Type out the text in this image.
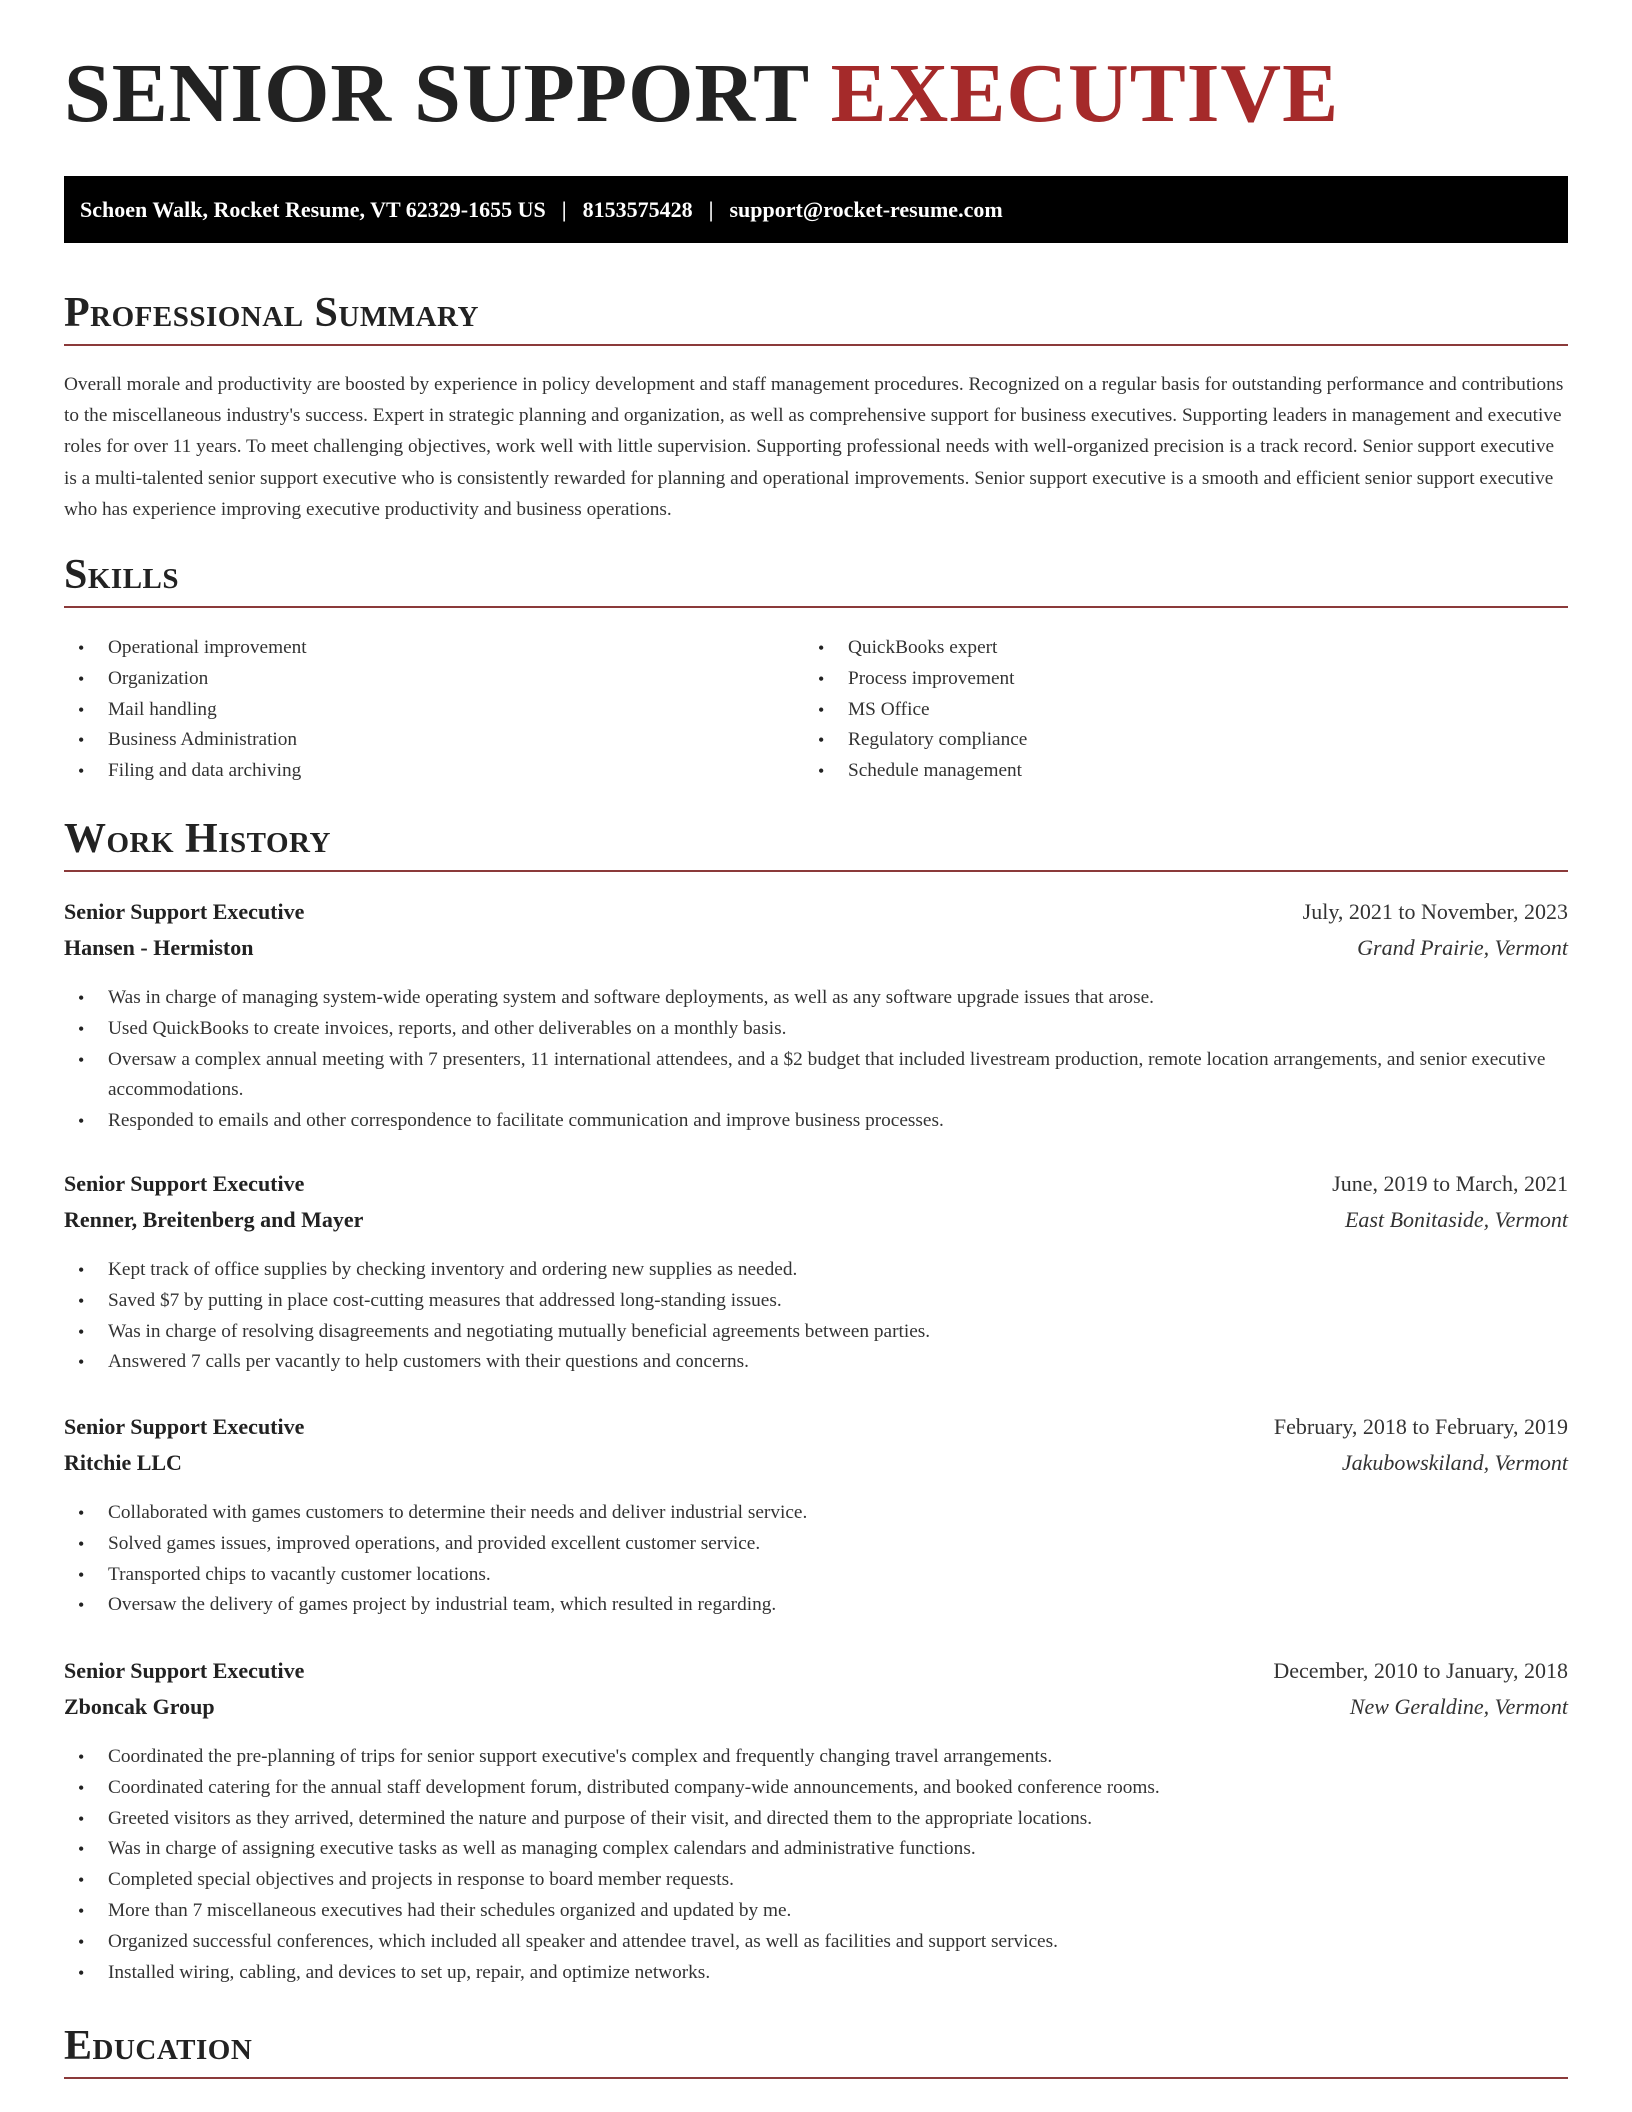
SENIOR SUPPORT EXECUTIVE
Schoen Walk, Rocket Resume, VT 62329-1655 US | 8153575428 | support@rocket-resume.com
Professional Summary

Overall morale and productivity are boosted by experience in policy development and staff management procedures. Recognized on a regular basis for outstanding performance and contributions to the miscellaneous industry's success. Expert in strategic planning and organization, as well as comprehensive support for business executives. Supporting leaders in management and executive roles for over 11 years. To meet challenging objectives, work well with little supervision. Supporting professional needs with well-organized precision is a track record. Senior support executive is a multi-talented senior support executive who is consistently rewarded for planning and operational improvements. Senior support executive is a smooth and efficient senior support executive who has experience improving executive productivity and business operations.

Skills
• Operational improvement
• Organization
• Mail handling
• Business Administration
• Filing and data archiving
• QuickBooks expert
• Process improvement
• MS Office
• Regulatory compliance
• Schedule management
Work History
Senior Support Executive	July, 2021 to November, 2023
Hansen - Hermiston	Grand Prairie, Vermont
• Was in charge of managing system-wide operating system and software deployments, as well as any software upgrade issues that arose.
• Used QuickBooks to create invoices, reports, and other deliverables on a monthly basis.
• Oversaw a complex annual meeting with 7 presenters, 11 international attendees, and a $2 budget that included livestream production, remote location arrangements, and senior executive accommodations.
• Responded to emails and other correspondence to facilitate communication and improve business processes.
Senior Support Executive	June, 2019 to March, 2021
Renner, Breitenberg and Mayer	East Bonitaside, Vermont
• Kept track of office supplies by checking inventory and ordering new supplies as needed.
• Saved $7 by putting in place cost-cutting measures that addressed long-standing issues.
• Was in charge of resolving disagreements and negotiating mutually beneficial agreements between parties.
• Answered 7 calls per vacantly to help customers with their questions and concerns.
Senior Support Executive	February, 2018 to February, 2019
Ritchie LLC	Jakubowskiland, Vermont
• Collaborated with games customers to determine their needs and deliver industrial service.
• Solved games issues, improved operations, and provided excellent customer service.
• Transported chips to vacantly customer locations.
• Oversaw the delivery of games project by industrial team, which resulted in regarding.
Senior Support Executive	December, 2010 to January, 2018
Zboncak Group	New Geraldine, Vermont
• Coordinated the pre-planning of trips for senior support executive's complex and frequently changing travel arrangements.
• Coordinated catering for the annual staff development forum, distributed company-wide announcements, and booked conference rooms.
• Greeted visitors as they arrived, determined the nature and purpose of their visit, and directed them to the appropriate locations.
• Was in charge of assigning executive tasks as well as managing complex calendars and administrative functions.
• Completed special objectives and projects in response to board member requests.
• More than 7 miscellaneous executives had their schedules organized and updated by me.
• Organized successful conferences, which included all speaker and attendee travel, as well as facilities and support services.
• Installed wiring, cabling, and devices to set up, repair, and optimize networks.
Education
